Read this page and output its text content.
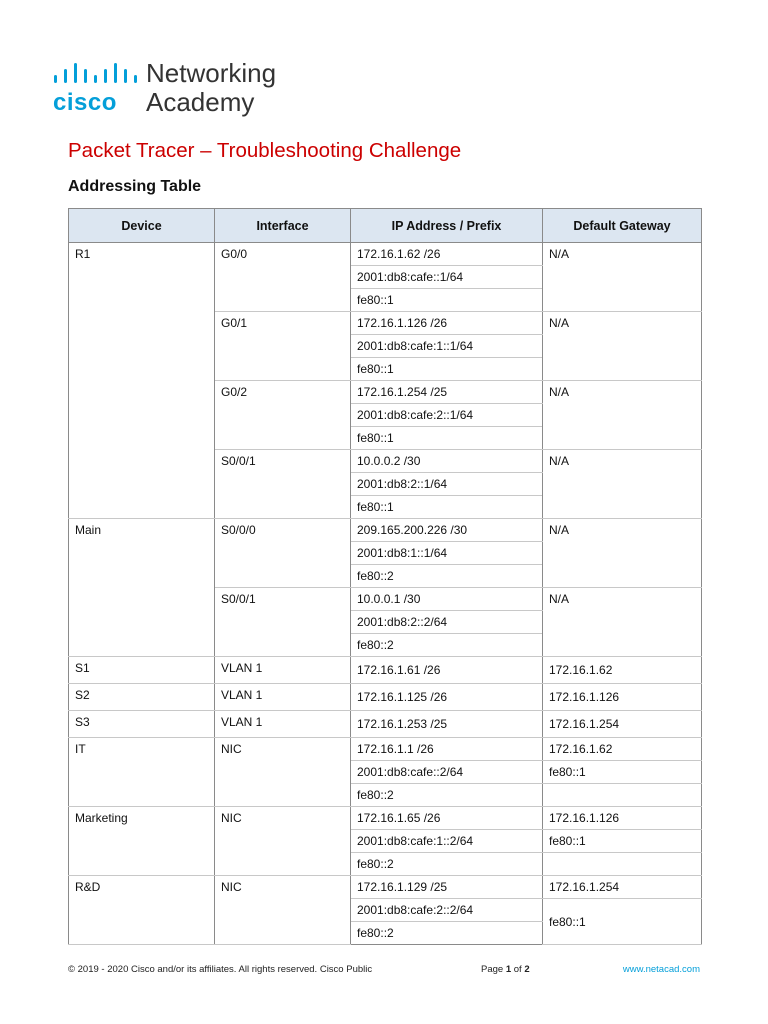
cisco
Networking
Academy
Packet Tracer – Troubleshooting Challenge
Addressing Table
Device	Interface	IP Address / Prefix	Default Gateway
R1	G0/0	172.16.1.62 /26	N/A
		2001:db8:cafe::1/64	
		fe80::1	
	G0/1	172.16.1.126 /26	N/A
		2001:db8:cafe:1::1/64	
		fe80::1	
	G0/2	172.16.1.254 /25	N/A
		2001:db8:cafe:2::1/64	
		fe80::1	
	S0/0/1	10.0.0.2 /30	N/A
		2001:db8:2::1/64	
		fe80::1	
Main	S0/0/0	209.165.200.226 /30	N/A
		2001:db8:1::1/64	
		fe80::2	
	S0/0/1	10.0.0.1 /30	N/A
		2001:db8:2::2/64	
		fe80::2	
S1	VLAN 1	172.16.1.61 /26	172.16.1.62
S2	VLAN 1	172.16.1.125 /26	172.16.1.126
S3	VLAN 1	172.16.1.253 /25	172.16.1.254
IT	NIC	172.16.1.1 /26	172.16.1.62
		2001:db8:cafe::2/64	fe80::1
		fe80::2	
Marketing	NIC	172.16.1.65 /26	172.16.1.126
		2001:db8:cafe:1::2/64	fe80::1
		fe80::2	
R&D	NIC	172.16.1.129 /25	172.16.1.254
		2001:db8:cafe:2::2/64	fe80::1
		fe80::2	
© 2019 - 2020 Cisco and/or its affiliates. All rights reserved. Cisco Public	Page 1 of 2	www.netacad.com
